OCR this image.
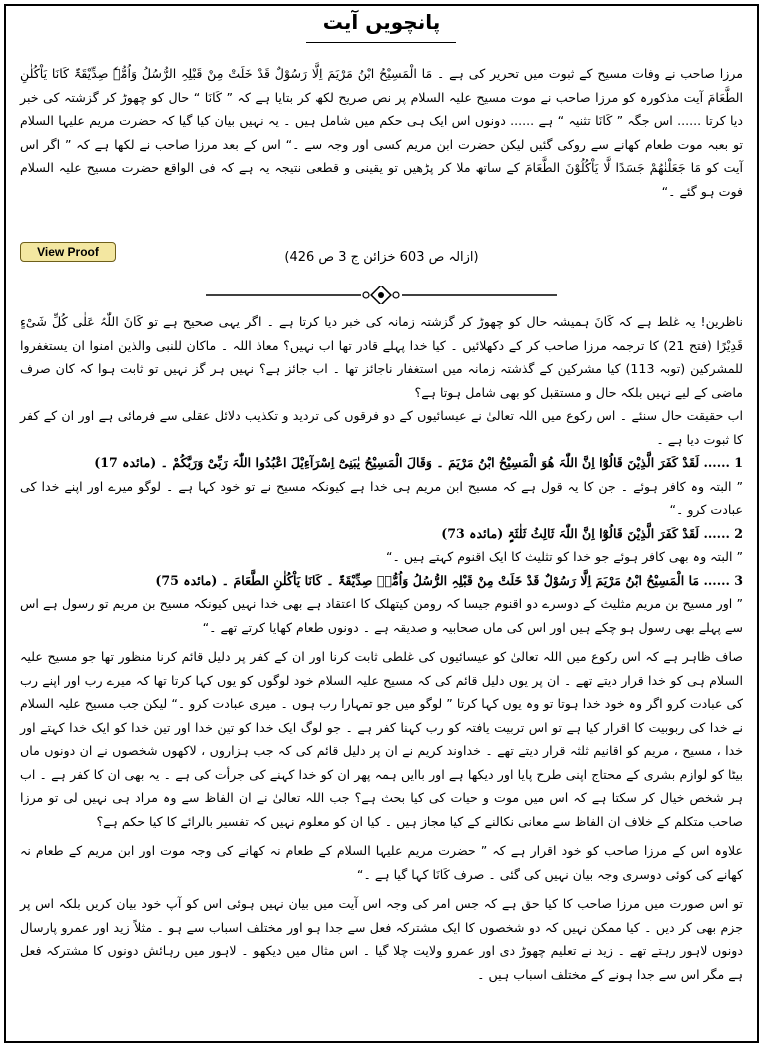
پانچویں آیت

مرزا صاحب نے وفات مسیح کے ثبوت میں تحریر کی ہے ۔ مَا الْمَسِیْحُ ابْنُ مَرْیَمَ اِلَّا رَسُوْلٌ قَدْ خَلَتْ مِنْ قَبْلِہِ الرُّسُلُ وَاُمُّہٗ صِدِّیْقَۃٌ کَانَا یَاْکُلٰنِ الطَّعَامَ آیت مذکورہ کو مرزا صاحب نے موت مسیح علیہ السلام پر نص صریح لکھ کر بتایا ہے کہ ” کَانَا “ حال کو چھوڑ کر گزشتہ کی خبر دیا کرتا ...... اس جگہ ” کَانَا تثنیہ “ ہے ...... دونوں اس ایک ہی حکم میں شامل ہیں ۔ یہ نہیں بیان کیا گیا کہ حضرت مریم علیہا السلام تو بعبہ موت طعام کھانے سے روکی گئیں لیکن حضرت ابن مریم کسی اور وجہ سے ۔“ اس کے بعد مرزا صاحب نے لکھا ہے کہ ” اگر اس آیت کو مَا جَعَلْنٰھُمْ جَسَدًا لَّا یَاْکُلُوْنَ الطَّعَامَ کے ساتھ ملا کر پڑھیں تو یقینی و قطعی نتیجہ یہ ہے کہ فی الواقع حضرت مسیح علیہ السلام فوت ہو گئے ۔“

View Proof	(ازالہ ص 603 خزائن ج 3 ص 426)

ناظرین! یہ غلط ہے کہ کَانَ ہمیشہ حال کو چھوڑ کر گزشتہ زمانہ کی خبر دیا کرتا ہے ۔ اگر یہی صحیح ہے تو کَانَ اللّٰہُ عَلٰی کُلِّ شَیْءٍ قَدِیْرًا (فتح 21) کا ترجمہ مرزا صاحب کر کے دکھلائیں ۔ کیا خدا پہلے قادر تھا اب نہیں؟ معاذ اللہ ۔ ماکان للنبی والذین امنوا ان یستغفروا للمشرکین (توبہ 113) کیا مشرکین کے گذشتہ زمانہ میں استغفار ناجائز تھا ۔ اب جائز ہے؟ نہیں ہر گز نہیں تو ثابت ہوا کہ کان صرف ماضی کے لیے نہیں بلکہ حال و مستقبل کو بھی شامل ہوتا ہے؟

اب حقیقت حال سنئے ۔ اس رکوع میں اللہ تعالیٰ نے عیسائیوں کے دو فرقوں کی تردید و تکذیب دلائل عقلی سے فرمائی ہے اور ان کے کفر کا ثبوت دیا ہے ۔

1 ...... لَقَدْ کَفَرَ الَّذِیْنَ قَالُوْٓا اِنَّ اللّٰہَ ھُوَ الْمَسِیْحُ ابْنُ مَرْیَمَ ۔ وَقَالَ الْمَسِیْحُ یٰبَنِیْٓ اِسْرَآءِیْلَ اعْبُدُوا اللّٰہَ رَبِّیْ وَرَبَّکُمْ ۔ (مائدہ 17)

” البتہ وہ کافر ہوئے ۔ جن کا یہ قول ہے کہ مسیح ابن مریم ہی خدا ہے کیونکہ مسیح نے تو خود کہا ہے ۔ لوگو میرے اور اپنے خدا کی عبادت کرو ۔“

2 ...... لَقَدْ کَفَرَ الَّذِیْنَ قَالُوْٓا اِنَّ اللّٰہَ ثَالِثُ ثَلٰثَۃٍ (مائدہ 73)

” البتہ وہ بھی کافر ہوئے جو خدا کو تثلیث کا ایک اقنوم کہتے ہیں ۔“

3 ...... مَا الْمَسِیْحُ ابْنُ مَرْیَمَ اِلَّا رَسُوْلٌ قَدْ خَلَتْ مِنْ قَبْلِہِ الرُّسُلُ وَاُمُّہٗ صِدِّیْقَۃٌ ۔ کَانَا یَاْکُلٰنِ الطَّعَامَ ۔ (مائدہ 75)

” اور مسیح بن مریم مثلیث کے دوسرے دو اقنوم جیسا کہ رومن کیتھلک کا اعتقاد ہے بھی خدا نہیں کیونکہ مسیح بن مریم تو رسول ہے اس سے پہلے بھی رسول ہو چکے ہیں اور اس کی ماں صحابیہ و صدیقہ ہے ۔ دونوں طعام کھایا کرتے تھے ۔“

صاف ظاہر ہے کہ اس رکوع میں اللہ تعالیٰ کو عیسائیوں کی غلطی ثابت کرنا اور ان کے کفر پر دلیل قائم کرنا منظور تھا جو مسیح علیہ السلام ہی کو خدا قرار دیتے تھے ۔ ان پر یوں دلیل قائم کی کہ مسیح علیہ السلام خود لوگوں کو یوں کہا کرتا تھا کہ میرے رب اور اپنے رب کی عبادت کرو اگر وہ خود خدا ہوتا تو وہ یوں کہا کرتا ” لوگو میں جو تمہارا رب ہوں ۔ میری عبادت کرو ۔“ لیکن جب مسیح علیہ السلام نے خدا کی ربوبیت کا اقرار کیا ہے تو اس تربیت یافتہ کو رب کہنا کفر ہے ۔ جو لوگ ایک خدا کو تین خدا اور تین خدا کو ایک خدا کہتے اور خدا ، مسیح ، مریم کو اقانیم ثلثہ قرار دیتے تھے ۔ خداوند کریم نے ان پر دلیل قائم کی کہ جب ہزاروں ، لاکھوں شخصوں نے ان دونوں ماں بیٹا کو لوازم بشری کے محتاج اپنی طرح پایا اور دیکھا ہے اور باایں ہمہ پھر ان کو خدا کہنے کی جرأت کی ہے ۔ یہ بھی ان کا کفر ہے ۔ اب ہر شخص خیال کر سکتا ہے کہ اس میں موت و حیات کی کیا بحث ہے؟ جب اللہ تعالیٰ نے ان الفاظ سے وہ مراد ہی نہیں لی تو مرزا صاحب متکلم کے خلاف ان الفاظ سے معانی نکالنے کے کیا مجاز ہیں ۔ کیا ان کو معلوم نہیں کہ تفسیر بالرائے کا کیا حکم ہے؟

علاوہ اس کے مرزا صاحب کو خود اقرار ہے کہ ” حضرت مریم علیہا السلام کے طعام نہ کھانے کی وجہ موت اور ابن مریم کے طعام نہ کھانے کی کوئی دوسری وجہ بیان نہیں کی گئی ۔ صرف کَانَا کہا گیا ہے ۔“

تو اس صورت میں مرزا صاحب کا کیا حق ہے کہ جس امر کی وجہ اس آیت میں بیان نہیں ہوئی اس کو آپ خود بیان کریں بلکہ اس پر جزم بھی کر دیں ۔ کیا ممکن نہیں کہ دو شخصوں کا ایک مشترکہ فعل سے جدا ہو اور مختلف اسباب سے ہو ۔ مثلاً زید اور عمرو پارسال دونوں لاہور رہتے تھے ۔ زید نے تعلیم چھوڑ دی اور عمرو ولایت چلا گیا ۔ اس مثال میں دیکھو ۔ لاہور میں رہائش دونوں کا مشترکہ فعل ہے مگر اس سے جدا ہونے کے مختلف اسباب ہیں ۔
